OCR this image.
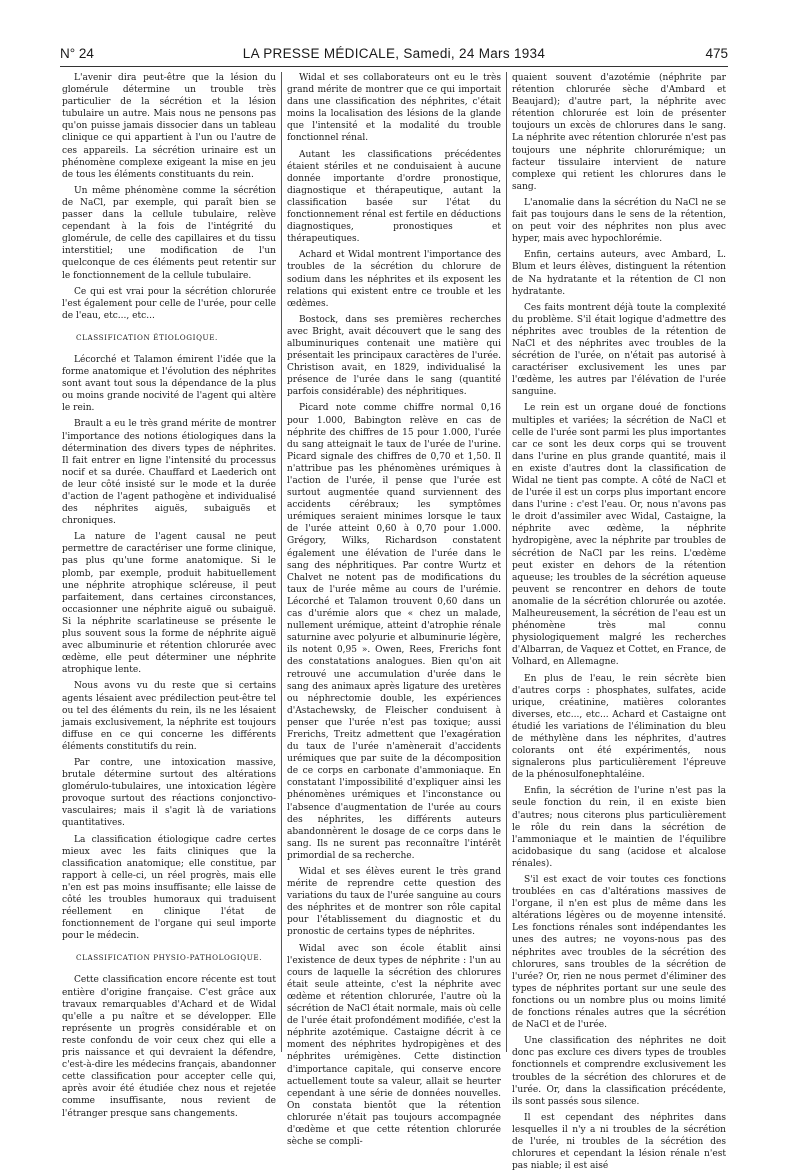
N° 24	LA PRESSE MÉDICALE, Samedi, 24 Mars 1934	475

L'avenir dira peut-être que la lésion du glomérule détermine un trouble très particulier de la sécrétion et la lésion tubulaire un autre. Mais nous ne pensons pas qu'on puisse jamais dissocier dans un tableau clinique ce qui appartient à l'un ou l'autre de ces appareils. La sécrétion urinaire est un phénomène complexe exigeant la mise en jeu de tous les éléments constituants du rein.

Un même phénomène comme la sécrétion de NaCl, par exemple, qui paraît bien se passer dans la cellule tubulaire, relève cependant à la fois de l'intégrité du glomérule, de celle des capillaires et du tissu interstitiel; une modification de l'un quelconque de ces éléments peut retentir sur le fonctionnement de la cellule tubulaire.

Ce qui est vrai pour la sécrétion chlorurée l'est également pour celle de l'urée, pour celle de l'eau, etc..., etc...

CLASSIFICATION ÉTIOLOGIQUE.

Lécorché et Talamon émirent l'idée que la forme anatomique et l'évolution des néphrites sont avant tout sous la dépendance de la plus ou moins grande nocivité de l'agent qui altère le rein.

Brault a eu le très grand mérite de montrer l'importance des notions étiologiques dans la détermination des divers types de néphrites. Il fait entrer en ligne l'intensité du processus nocif et sa durée. Chauffard et Laederich ont de leur côté insisté sur le mode et la durée d'action de l'agent pathogène et individualisé des néphrites aiguës, subaiguës et chroniques.

La nature de l'agent causal ne peut permettre de caractériser une forme clinique, pas plus qu'une forme anatomique. Si le plomb, par exemple, produit habituellement une néphrite atrophique scléreuse, il peut parfaitement, dans certaines circonstances, occasionner une néphrite aiguë ou subaiguë. Si la néphrite scarlatineuse se présente le plus souvent sous la forme de néphrite aiguë avec albuminurie et rétention chlorurée avec œdème, elle peut déterminer une néphrite atrophique lente.

Nous avons vu du reste que si certains agents lésaient avec prédilection peut-être tel ou tel des éléments du rein, ils ne les lésaient jamais exclusivement, la néphrite est toujours diffuse en ce qui concerne les différents éléments constitutifs du rein.

Par contre, une intoxication massive, brutale détermine surtout des altérations glomérulo-tubulaires, une intoxication légère provoque surtout des réactions conjonctivo-vasculaires; mais il s'agit là de variations quantitatives.

La classification étiologique cadre certes mieux avec les faits cliniques que la classification anatomique; elle constitue, par rapport à celle-ci, un réel progrès, mais elle n'en est pas moins insuffisante; elle laisse de côté les troubles humoraux qui traduisent réellement en clinique l'état de fonctionnement de l'organe qui seul importe pour le médecin.

CLASSIFICATION PHYSIO-PATHOLOGIQUE.

Cette classification encore récente est tout entière d'origine française. C'est grâce aux travaux remarquables d'Achard et de Widal qu'elle a pu naître et se développer. Elle représente un progrès considérable et on reste confondu de voir ceux chez qui elle a pris naissance et qui devraient la défendre, c'est-à-dire les médecins français, abandonner cette classification pour accepter celle qui, après avoir été étudiée chez nous et rejetée comme insuffisante, nous revient de l'étranger presque sans changements.

Widal et ses collaborateurs ont eu le très grand mérite de montrer que ce qui importait dans une classification des néphrites, c'était moins la localisation des lésions de la glande que l'intensité et la modalité du trouble fonctionnel rénal.

Autant les classifications précédentes étaient stériles et ne conduisaient à aucune donnée importante d'ordre pronostique, diagnostique et thérapeutique, autant la classification basée sur l'état du fonctionnement rénal est fertile en déductions diagnostiques, pronostiques et thérapeutiques.

Achard et Widal montrent l'importance des troubles de la sécrétion du chlorure de sodium dans les néphrites et ils exposent les relations qui existent entre ce trouble et les œdèmes.

Bostock, dans ses premières recherches avec Bright, avait découvert que le sang des albuminuriques contenait une matière qui présentait les principaux caractères de l'urée. Christison avait, en 1829, individualisé la présence de l'urée dans le sang (quantité parfois considérable) des néphritiques.

Picard note comme chiffre normal 0,16 pour 1.000, Babington relève en cas de néphrite des chiffres de 15 pour 1.000, l'urée du sang atteignait le taux de l'urée de l'urine. Picard signale des chiffres de 0,70 et 1,50. Il n'attribue pas les phénomènes urémiques à l'action de l'urée, il pense que l'urée est surtout augmentée quand surviennent des accidents cérébraux; les symptômes urémiques seraient minimes lorsque le taux de l'urée atteint 0,60 à 0,70 pour 1.000. Grégory, Wilks, Richardson constatent également une élévation de l'urée dans le sang des néphritiques. Par contre Wurtz et Chalvet ne notent pas de modifications du taux de l'urée même au cours de l'urémie. Lécorché et Talamon trouvent 0,60 dans un cas d'urémie alors que « chez un malade, nullement urémique, atteint d'atrophie rénale saturnine avec polyurie et albuminurie légère, ils notent 0,95 ». Owen, Rees, Frerichs font des constatations analogues. Bien qu'on ait retrouvé une accumulation d'urée dans le sang des animaux après ligature des uretères ou néphrectomie double, les expériences d'Astachewsky, de Fleischer conduisent à penser que l'urée n'est pas toxique; aussi Frerichs, Treitz admettent que l'exagération du taux de l'urée n'amènerait d'accidents urémiques que par suite de la décomposition de ce corps en carbonate d'ammoniaque. En constatant l'impossibilité d'expliquer ainsi les phénomènes urémiques et l'inconstance ou l'absence d'augmentation de l'urée au cours des néphrites, les différents auteurs abandonnèrent le dosage de ce corps dans le sang. Ils ne surent pas reconnaître l'intérêt primordial de sa recherche.

Widal et ses élèves eurent le très grand mérite de reprendre cette question des variations du taux de l'urée sanguine au cours des néphrites et de montrer son rôle capital pour l'établissement du diagnostic et du pronostic de certains types de néphrites.

Widal avec son école établit ainsi l'existence de deux types de néphrite : l'un au cours de laquelle la sécrétion des chlorures était seule atteinte, c'est la néphrite avec œdème et rétention chlorurée, l'autre où la sécrétion de NaCl était normale, mais où celle de l'urée était profondément modifiée, c'est la néphrite azotémique. Castaigne décrit à ce moment des néphrites hydropigènes et des néphrites urémigènes. Cette distinction d'importance capitale, qui conserve encore actuellement toute sa valeur, allait se heurter cependant à une série de données nouvelles. On constata bientôt que la rétention chlorurée n'était pas toujours accompagnée d'œdème et que cette rétention chlorurée sèche se compli-

quaient souvent d'azotémie (néphrite par rétention chlorurée sèche d'Ambard et Beaujard); d'autre part, la néphrite avec rétention chlorurée est loin de présenter toujours un excès de chlorures dans le sang. La néphrite avec rétention chlorurée n'est pas toujours une néphrite chlorurémique; un facteur tissulaire intervient de nature complexe qui retient les chlorures dans le sang.

L'anomalie dans la sécrétion du NaCl ne se fait pas toujours dans le sens de la rétention, on peut voir des néphrites non plus avec hyper, mais avec hypochlorémie.

Enfin, certains auteurs, avec Ambard, L. Blum et leurs élèves, distinguent la rétention de Na hydratante et la rétention de Cl non hydratante.

Ces faits montrent déjà toute la complexité du problème. S'il était logique d'admettre des néphrites avec troubles de la rétention de NaCl et des néphrites avec troubles de la sécrétion de l'urée, on n'était pas autorisé à caractériser exclusivement les unes par l'œdème, les autres par l'élévation de l'urée sanguine.

Le rein est un organe doué de fonctions multiples et variées; la sécrétion de NaCl et celle de l'urée sont parmi les plus importantes car ce sont les deux corps qui se trouvent dans l'urine en plus grande quantité, mais il en existe d'autres dont la classification de Widal ne tient pas compte. A côté de NaCl et de l'urée il est un corps plus important encore dans l'urine : c'est l'eau. Or, nous n'avons pas le droit d'assimiler avec Widal, Castaigne, la néphrite avec œdème, la néphrite hydropigène, avec la néphrite par troubles de sécrétion de NaCl par les reins. L'œdème peut exister en dehors de la rétention aqueuse; les troubles de la sécrétion aqueuse peuvent se rencontrer en dehors de toute anomalie de la sécrétion chlorurée ou azotée. Malheureusement, la sécrétion de l'eau est un phénomène très mal connu physiologiquement malgré les recherches d'Albarran, de Vaquez et Cottet, en France, de Volhard, en Allemagne.

En plus de l'eau, le rein sécrète bien d'autres corps : phosphates, sulfates, acide urique, créatinine, matières colorantes diverses, etc..., etc... Achard et Castaigne ont étudié les variations de l'élimination du bleu de méthylène dans les néphrites, d'autres colorants ont été expérimentés, nous signalerons plus particulièrement l'épreuve de la phénosulfonephtaléine.

Enfin, la sécrétion de l'urine n'est pas la seule fonction du rein, il en existe bien d'autres; nous citerons plus particulièrement le rôle du rein dans la sécrétion de l'ammoniaque et le maintien de l'équilibre acidobasique du sang (acidose et alcalose rénales).

S'il est exact de voir toutes ces fonctions troublées en cas d'altérations massives de l'organe, il n'en est plus de même dans les altérations légères ou de moyenne intensité. Les fonctions rénales sont indépendantes les unes des autres; ne voyons-nous pas des néphrites avec troubles de la sécrétion des chlorures, sans troubles de la sécrétion de l'urée? Or, rien ne nous permet d'éliminer des types de néphrites portant sur une seule des fonctions ou un nombre plus ou moins limité de fonctions rénales autres que la sécrétion de NaCl et de l'urée.

Une classification des néphrites ne doit donc pas exclure ces divers types de troubles fonctionnels et comprendre exclusivement les troubles de la sécrétion des chlorures et de l'urée. Or, dans la classification précédente, ils sont passés sous silence.

Il est cependant des néphrites dans lesquelles il n'y a ni troubles de la sécrétion de l'urée, ni troubles de la sécrétion des chlorures et cependant la lésion rénale n'est pas niable; il est aisé
